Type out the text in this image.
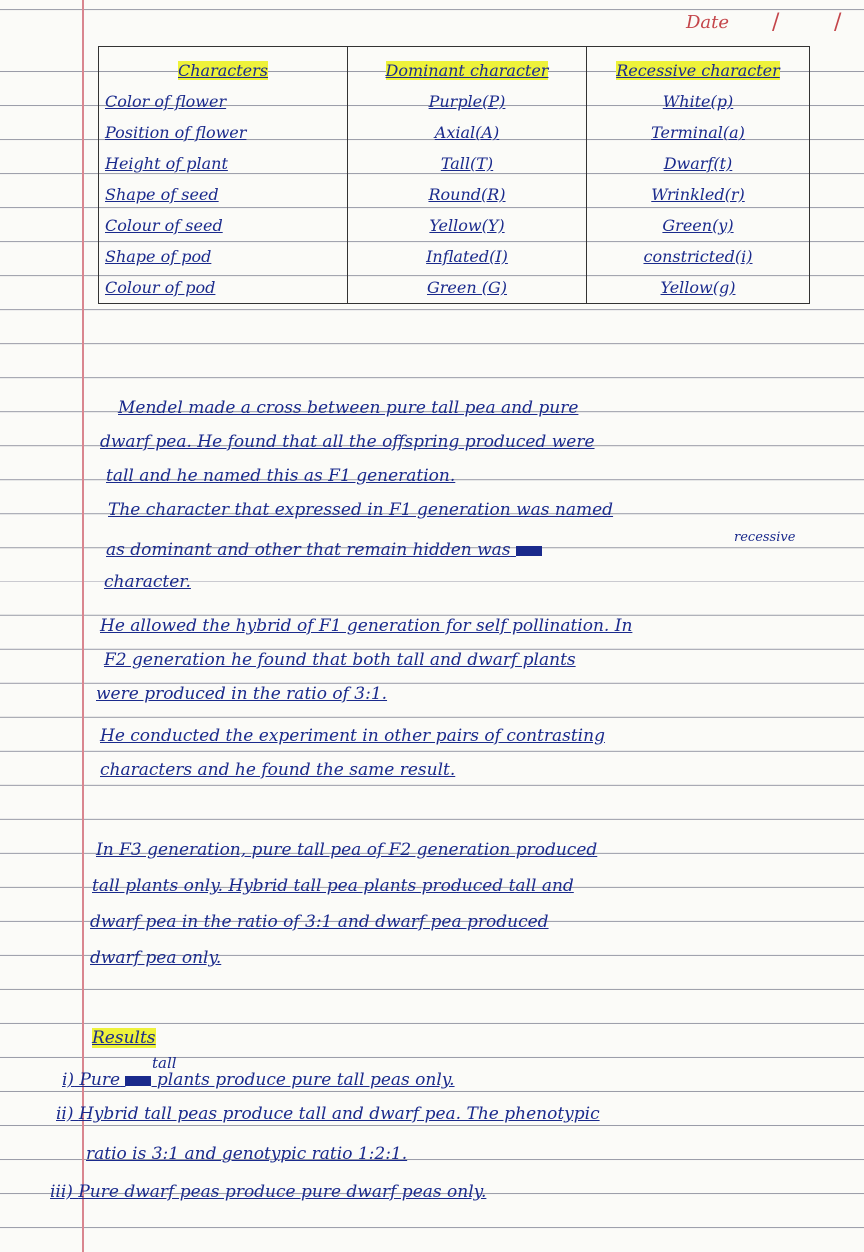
Date / /
Characters	Dominant character	Recessive character
Color of flower	Purple(P)	White(p)
Position of flower	Axial(A)	Terminal(a)
Height of plant	Tall(T)	Dwarf(t)
Shape of seed	Round(R)	Wrinkled(r)
Colour of seed	Yellow(Y)	Green(y)
Shape of pod	Inflated(I)	constricted(i)
Colour of pod	Green (G)	Yellow(g)
Mendel made a cross between pure tall pea and pure
dwarf pea. He found that all the offspring produced were
tall and he named this as F1 generation.
The character that expressed in F1 generation was named
recessive
as dominant and other that remain hidden was
character.
He allowed the hybrid of F1 generation for self pollination. In
F2 generation he found that both tall and dwarf plants
were produced in the ratio of 3:1.
He conducted the experiment in other pairs of contrasting
characters and he found the same result.
In F3 generation, pure tall pea of F2 generation produced
tall plants only. Hybrid tall pea plants produced tall and
dwarf pea in the ratio of 3:1 and dwarf pea produced
dwarf pea only.
Results
tall
i) Pure plants produce pure tall peas only.
ii) Hybrid tall peas produce tall and dwarf pea. The phenotypic
ratio is 3:1 and genotypic ratio 1:2:1.
iii) Pure dwarf peas produce pure dwarf peas only.
